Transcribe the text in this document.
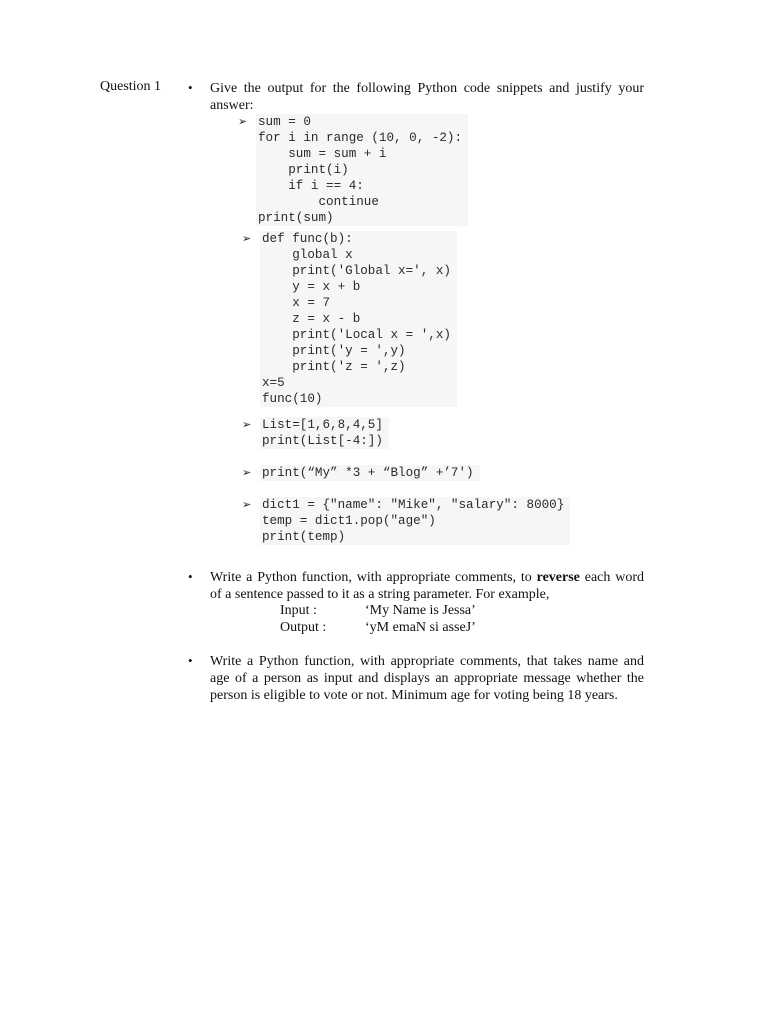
Question 1 • Give the output for the following Python code snippets and justify your answer:
➢ sum = 0
for i in range (10, 0, -2):
sum = sum + i
print(i)
if i == 4:
continue
print(sum)
➢ def func(b):
global x
print('Global x=', x)
y = x + b
x = 7
z = x - b
print('Local x = ',x)
print('y = ',y)
print('z = ',z)
x=5
func(10)
➢ List=[1,6,8,4,5]
print(List[-4:])
➢ print(“My” *3 + “Blog” +’7')
➢ dict1 = {"name": "Mike", "salary": 8000}
temp = dict1.pop("age")
print(temp)
• Write a Python function, with appropriate comments, to reverse each word of a sentence passed to it as a string parameter. For example,
Input :	‘My Name is Jessa’
Output :	‘yM emaN si asseJ’
• Write a Python function, with appropriate comments, that takes name and age of a person as input and displays an appropriate message whether the person is eligible to vote or not. Minimum age for voting being 18 years.
